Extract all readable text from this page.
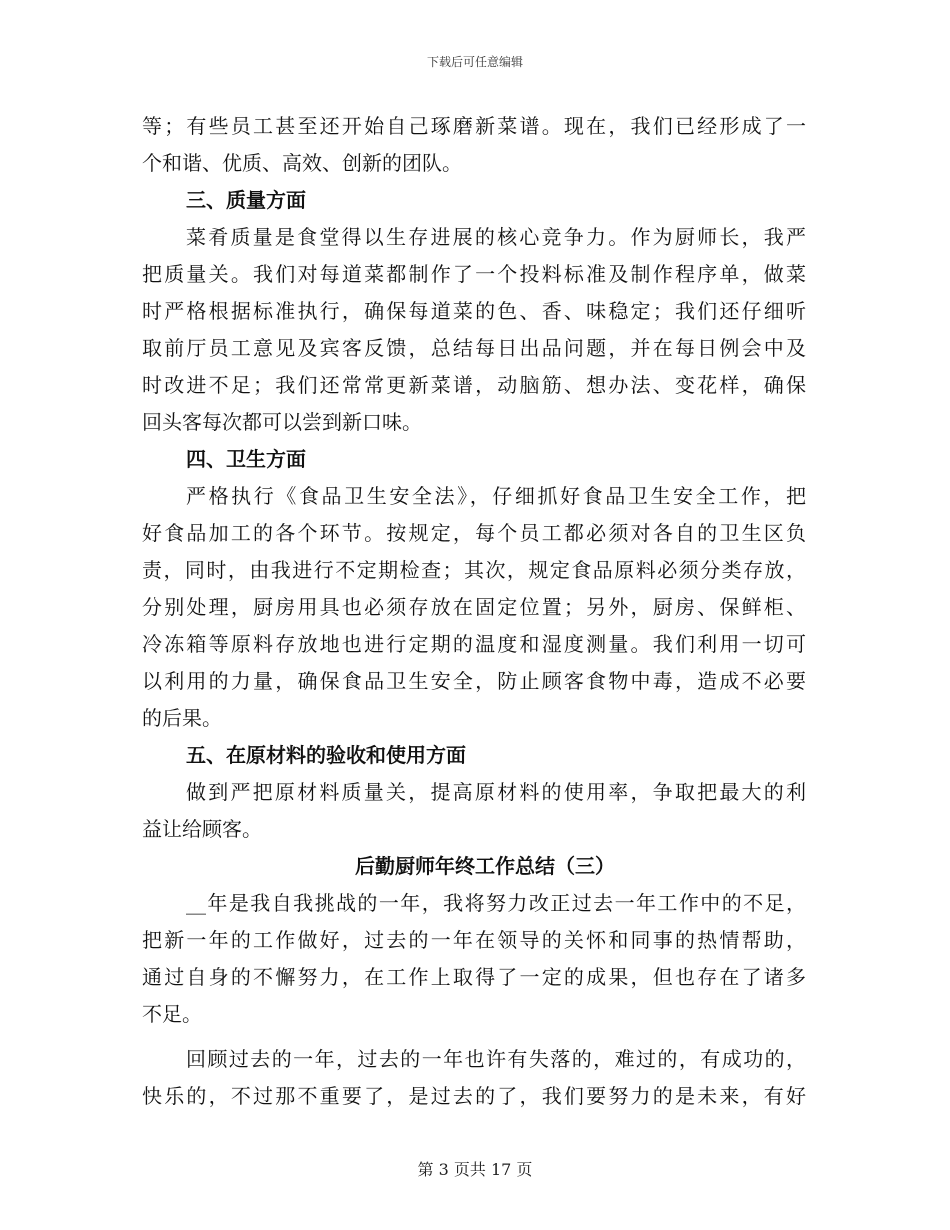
下载后可任意编辑
等；有些员工甚至还开始自己琢磨新菜谱。现在，我们已经形成了一
个和谐、优质、高效、创新的团队。
三、质量方面
菜肴质量是食堂得以生存进展的核心竞争力。作为厨师长，我严
把质量关。我们对每道菜都制作了一个投料标准及制作程序单，做菜
时严格根据标准执行，确保每道菜的色、香、味稳定；我们还仔细听
取前厅员工意见及宾客反馈，总结每日出品问题，并在每日例会中及
时改进不足；我们还常常更新菜谱，动脑筋、想办法、变花样，确保
回头客每次都可以尝到新口味。
四、卫生方面
严格执行《食品卫生安全法》，仔细抓好食品卫生安全工作，把
好食品加工的各个环节。按规定，每个员工都必须对各自的卫生区负
责，同时，由我进行不定期检查；其次，规定食品原料必须分类存放，
分别处理，厨房用具也必须存放在固定位置；另外，厨房、保鲜柜、
冷冻箱等原料存放地也进行定期的温度和湿度测量。我们利用一切可
以利用的力量，确保食品卫生安全，防止顾客食物中毒，造成不必要
的后果。
五、在原材料的验收和使用方面
做到严把原材料质量关，提高原材料的使用率，争取把最大的利
益让给顾客。
后勤厨师年终工作总结（三）
__年是我自我挑战的一年，我将努力改正过去一年工作中的不足，
把新一年的工作做好，过去的一年在领导的关怀和同事的热情帮助，
通过自身的不懈努力，在工作上取得了一定的成果，但也存在了诸多
不足。
回顾过去的一年，过去的一年也许有失落的，难过的，有成功的，
快乐的，不过那不重要了，是过去的了，我们要努力的是未来，有好
第 3 页共 17 页
